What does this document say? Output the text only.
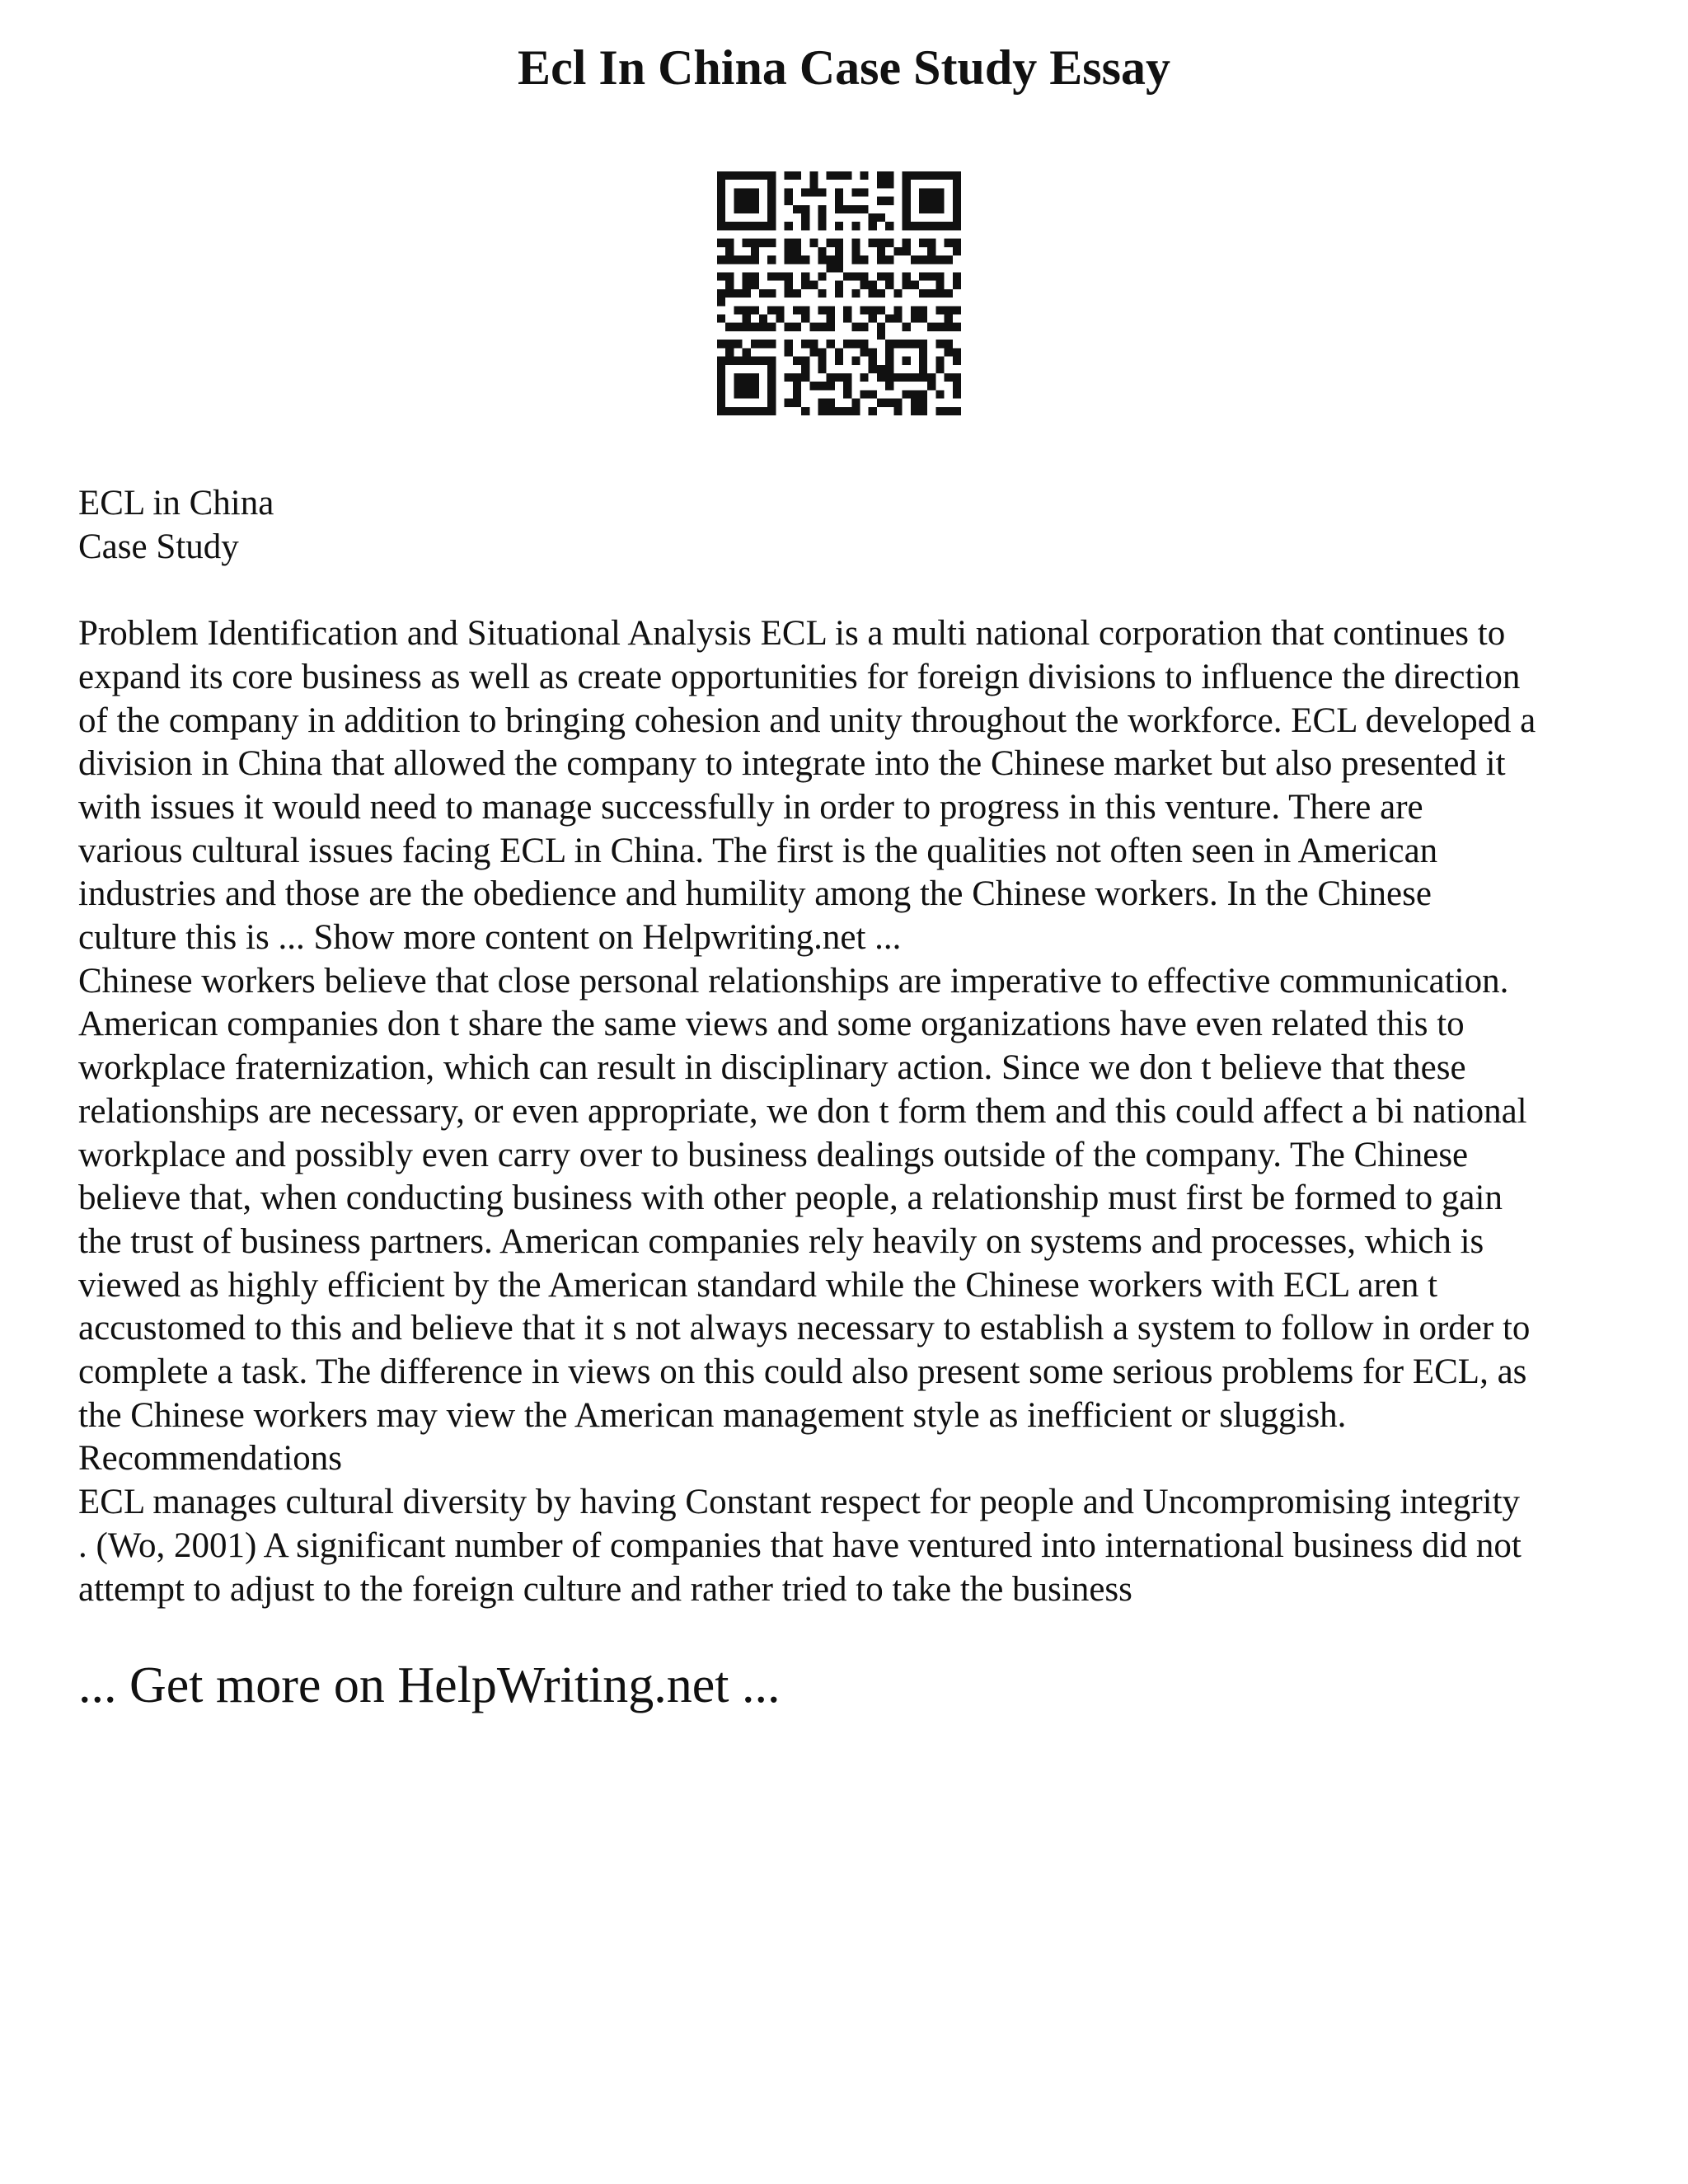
Ecl In China Case Study Essay

ECL in China
Case Study

Problem Identification and Situational Analysis ECL is a multi national corporation that continues to
expand its core business as well as create opportunities for foreign divisions to influence the direction
of the company in addition to bringing cohesion and unity throughout the workforce. ECL developed a
division in China that allowed the company to integrate into the Chinese market but also presented it
with issues it would need to manage successfully in order to progress in this venture. There are
various cultural issues facing ECL in China. The first is the qualities not often seen in American
industries and those are the obedience and humility among the Chinese workers. In the Chinese
culture this is ... Show more content on Helpwriting.net ...

Chinese workers believe that close personal relationships are imperative to effective communication.
American companies don t share the same views and some organizations have even related this to
workplace fraternization, which can result in disciplinary action. Since we don t believe that these
relationships are necessary, or even appropriate, we don t form them and this could affect a bi national
workplace and possibly even carry over to business dealings outside of the company. The Chinese
believe that, when conducting business with other people, a relationship must first be formed to gain
the trust of business partners. American companies rely heavily on systems and processes, which is
viewed as highly efficient by the American standard while the Chinese workers with ECL aren t
accustomed to this and believe that it s not always necessary to establish a system to follow in order to
complete a task. The difference in views on this could also present some serious problems for ECL, as
the Chinese workers may view the American management style as inefficient or sluggish.

Recommendations

ECL manages cultural diversity by having Constant respect for people and Uncompromising integrity
. (Wo, 2001) A significant number of companies that have ventured into international business did not
attempt to adjust to the foreign culture and rather tried to take the business

... Get more on HelpWriting.net ...
